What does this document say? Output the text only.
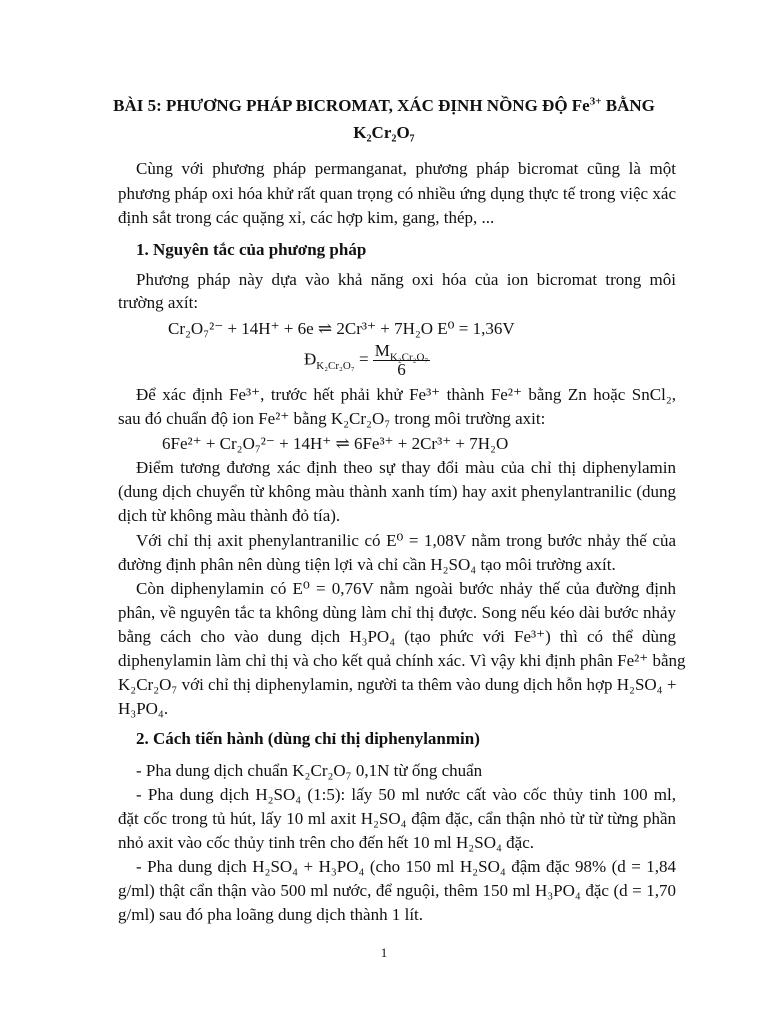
BÀI 5: PHƯƠNG PHÁP BICROMAT, XÁC ĐỊNH NỒNG ĐỘ $Fe^{3+}$ BẰNG
K₂Cr₂O₇
Cùng với phương pháp permanganat, phương pháp bicromat cũng là một
phương pháp oxi hóa khử rất quan trọng có nhiều ứng dụng thực tế trong việc xác
định sắt trong các quặng xỉ, các hợp kim, gang, thép, ...
1. Nguyên tắc của phương pháp
Phương pháp này dựa vào khả năng oxi hóa của ion bicromat trong môi
trường axít:
Cr₂O₇²⁻ + 14H⁺ + 6e ⇌ 2Cr³⁺ + 7H₂O E⁰ = 1,36V
$Đ_{K_2Cr_2O_7} = \frac{M_{K_2Cr_2O_7}}{6}$
Để xác định Fe³⁺, trước hết phải khử Fe³⁺ thành Fe²⁺ bằng Zn hoặc SnCl₂,
sau đó chuẩn độ ion Fe²⁺ bằng K₂Cr₂O₇ trong môi trường axit:
6Fe²⁺ + Cr₂O₇²⁻ + 14H⁺ ⇌ 6Fe³⁺ + 2Cr³⁺ + 7H₂O
Điểm tương đương xác định theo sự thay đổi màu của chỉ thị diphenylamin
(dung dịch chuyển từ không màu thành xanh tím) hay axit phenylantranilic (dung
dịch từ không màu thành đỏ tía).
Với chỉ thị axit phenylantranilic có E⁰ = 1,08V nằm trong bước nhảy thế của
đường định phân nên dùng tiện lợi và chỉ cần H₂SO₄ tạo môi trường axít.
Còn diphenylamin có E⁰ = 0,76V nằm ngoài bước nhảy thế của đường định
phân, về nguyên tắc ta không dùng làm chỉ thị được. Song nếu kéo dài bước nhảy
bằng cách cho vào dung dịch H₃PO₄ (tạo phức với Fe³⁺) thì có thể dùng
diphenylamin làm chỉ thị và cho kết quả chính xác. Vì vậy khi định phân Fe²⁺ bằng
K₂Cr₂O₇ với chỉ thị diphenylamin, người ta thêm vào dung dịch hỗn hợp H₂SO₄ +
H₃PO₄.
2. Cách tiến hành (dùng chỉ thị diphenylanmin)
- Pha dung dịch chuẩn K₂Cr₂O₇ 0,1N từ ống chuẩn
- Pha dung dịch H₂SO₄ (1:5): lấy 50 ml nước cất vào cốc thủy tinh 100 ml,
đặt cốc trong tủ hút, lấy 10 ml axit H₂SO₄ đậm đặc, cẩn thận nhỏ từ từ từng phần
nhỏ axit vào cốc thủy tinh trên cho đến hết 10 ml H₂SO₄ đặc.
- Pha dung dịch H₂SO₄ + H₃PO₄ (cho 150 ml H₂SO₄ đậm đặc 98% (d = 1,84
g/ml) thật cẩn thận vào 500 ml nước, để nguội, thêm 150 ml H₃PO₄ đặc (d = 1,70
g/ml) sau đó pha loãng dung dịch thành 1 lít.
1
